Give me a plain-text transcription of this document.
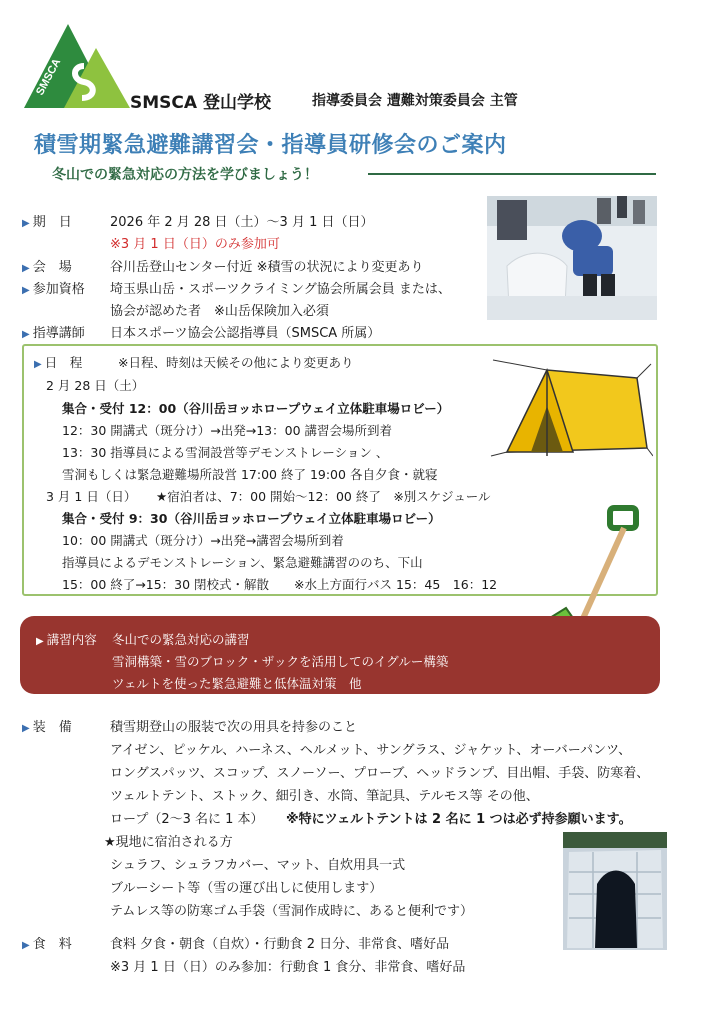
SMSCA
SMSCA 登山学校	指導委員会 遭難対策委員会 主管
積雪期緊急避難講習会・指導員研修会のご案内
冬山での緊急対応の方法を学びましょう！
▶ 期　日	2026 年 2 月 28 日（土）～3 月 1 日（日）
※3 月 1 日（日）のみ参加可
▶ 会　場	谷川岳登山センター付近 ※積雪の状況により変更あり
▶ 参加資格 埼玉県山岳・スポーツクライミング協会所属会員 または、
協会が認めた者　※山岳保険加入必須
▶ 指導講師 日本スポーツ協会公認指導員（SMSCA 所属）
▶ 日　程	※日程、時刻は天候その他により変更あり
2 月 28 日（土）
集合・受付 12：00（谷川岳ヨッホロープウェイ立体駐車場ロビー）
12：30 開講式（斑分け）→出発→13：00 講習会場所到着
13：30 指導員による雪洞設営等デモンストレーション 、
雪洞もしくは緊急避難場所設営 17:00 終了 19:00 各自夕食・就寝
3 月 1 日（日） ★宿泊者は、7：00 開始～12：00 終了　※別スケジュール
集合・受付 9：30（谷川岳ヨッホロープウェイ立体駐車場ロビー）
10：00 開講式（斑分け）→出発→講習会場所到着
指導員によるデモンストレーション、緊急避難講習ののち、下山
15：00 終了→15：30 閉校式・解散　　※水上方面行バス 15：45　16：12
▶ 講習内容 冬山での緊急対応の講習
雪洞構築・雪のブロック・ザックを活用してのイグルー構築
ツェルトを使った緊急避難と低体温対策　他
▶ 装　備	積雪期登山の服装で次の用具を持参のこと
アイゼン、ピッケル、ハーネス、ヘルメット、サングラス、ジャケット、オーバーパンツ、
ロングスパッツ、スコップ、スノーソー、プローブ、ヘッドランプ、目出帽、手袋、防寒着、
ツェルトテント、ストック、細引き、水筒、筆記具、テルモス等 その他、
ロープ（2～3 名に 1 本） ※特にツェルトテントは 2 名に 1 つは必ず持参願います。
★現地に宿泊される方
シュラフ、シュラフカバー、マット、自炊用具一式
ブルーシート等（雪の運び出しに使用します）
テムレス等の防寒ゴム手袋（雪洞作成時に、あると便利です）
▶ 食　料	食料 夕食・朝食（自炊）・行動食 2 日分、非常食、嗜好品
※3 月 1 日（日）のみ参加：行動食 1 食分、非常食、嗜好品
